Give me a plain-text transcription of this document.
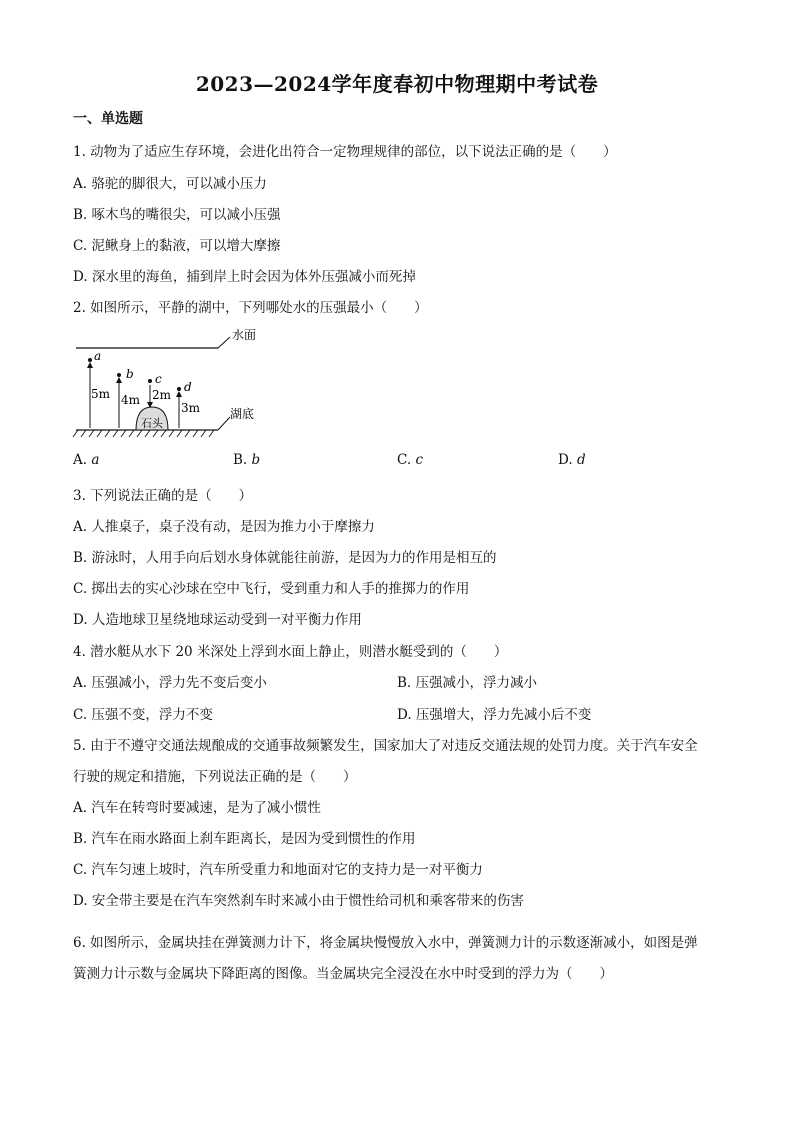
2023—2024学年度春初中物理期中考试卷
一、单选题
1. 动物为了适应生存环境，会进化出符合一定物理规律的部位，以下说法正确的是（　　）
A. 骆驼的脚很大，可以减小压力
B. 啄木鸟的嘴很尖，可以减小压强
C. 泥鳅身上的黏液，可以增大摩擦
D. 深水里的海鱼，捕到岸上时会因为体外压强减小而死掉
2. 如图所示，平静的湖中，下列哪处水的压强最小（　　）
水面
湖底
石头
a
5m
b
4m
c
2m
d
3m
A. a	B. b	C. c	D. d
3. 下列说法正确的是（　　）
A. 人推桌子，桌子没有动，是因为推力小于摩擦力
B. 游泳时，人用手向后划水身体就能往前游，是因为力的作用是相互的
C. 掷出去的实心沙球在空中飞行，受到重力和人手的推掷力的作用
D. 人造地球卫星绕地球运动受到一对平衡力作用
4. 潜水艇从水下 20 米深处上浮到水面上静止，则潜水艇受到的（　　）
A. 压强减小，浮力先不变后变小	B. 压强减小，浮力减小
C. 压强不变，浮力不变	D. 压强增大，浮力先减小后不变
5. 由于不遵守交通法规酿成的交通事故频繁发生，国家加大了对违反交通法规的处罚力度。关于汽车安全
行驶的规定和措施，下列说法正确的是（　　）
A. 汽车在转弯时要减速，是为了减小惯性
B. 汽车在雨水路面上刹车距离长，是因为受到惯性的作用
C. 汽车匀速上坡时，汽车所受重力和地面对它的支持力是一对平衡力
D. 安全带主要是在汽车突然刹车时来减小由于惯性给司机和乘客带来的伤害
6. 如图所示，金属块挂在弹簧测力计下，将金属块慢慢放入水中，弹簧测力计的示数逐渐减小，如图是弹
簧测力计示数与金属块下降距离的图像。当金属块完全浸没在水中时受到的浮力为（　　）
